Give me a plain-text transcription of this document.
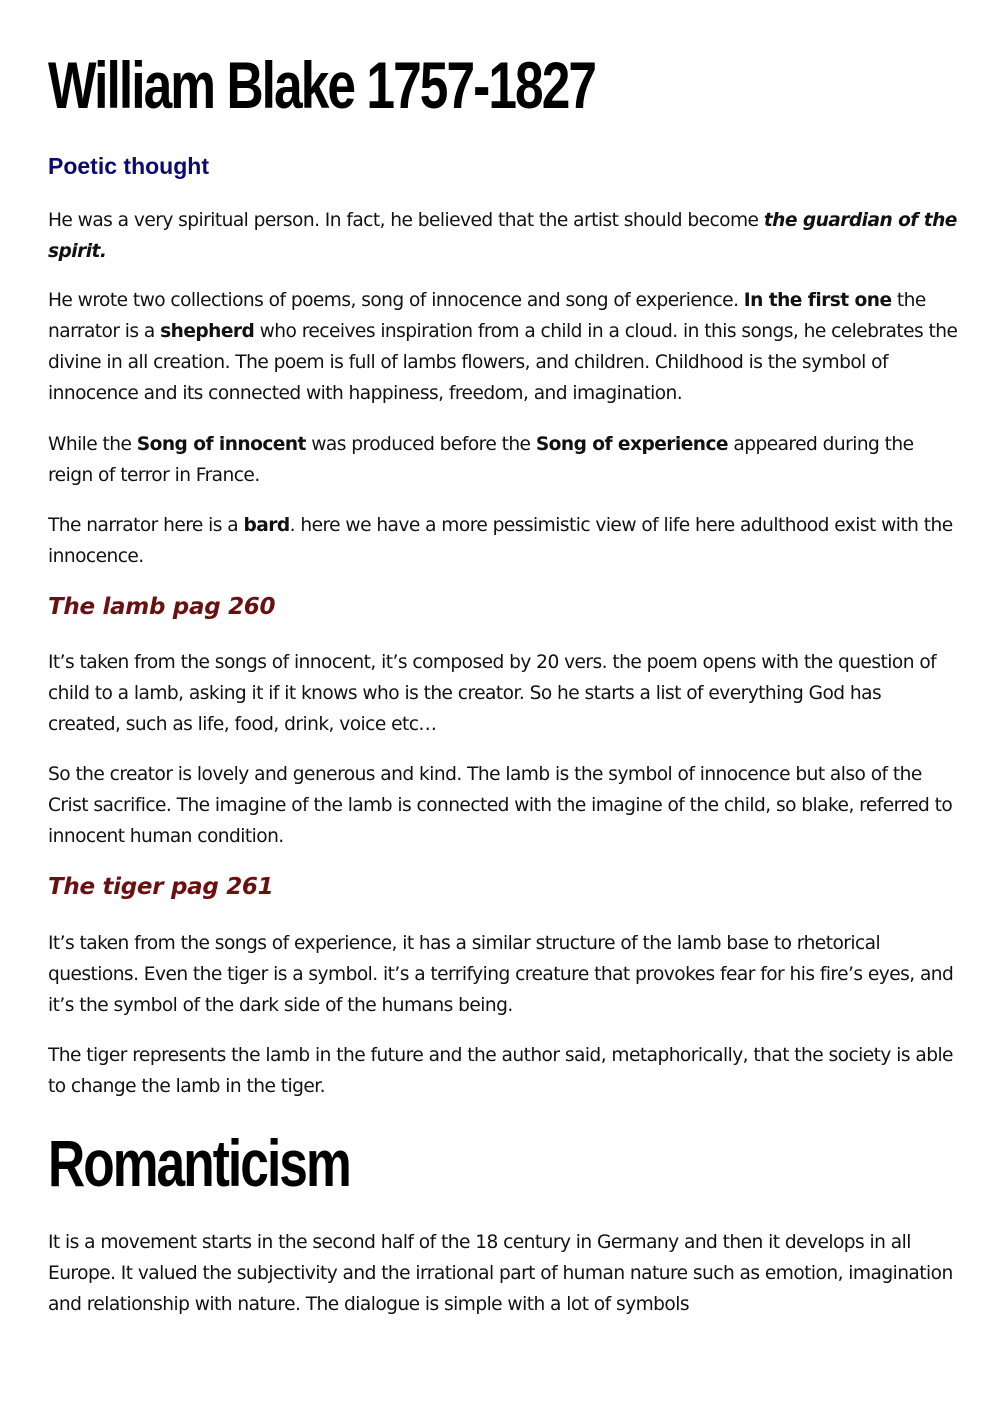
William Blake 1757-1827
Poetic thought

He was a very spiritual person. In fact, he believed that the artist should become the guardian of the spirit.

He wrote two collections of poems, song of innocence and song of experience. In the first one the narrator is a shepherd who receives inspiration from a child in a cloud. in this songs, he celebrates the divine in all creation. The poem is full of lambs flowers, and children. Childhood is the symbol of innocence and its connected with happiness, freedom, and imagination.

While the Song of innocent was produced before the Song of experience appeared during the reign of terror in France.

The narrator here is a bard. here we have a more pessimistic view of life here adulthood exist with the innocence.

The lamb pag 260

It’s taken from the songs of innocent, it’s composed by 20 vers. the poem opens with the question of child to a lamb, asking it if it knows who is the creator. So he starts a list of everything God has created, such as life, food, drink, voice etc…

So the creator is lovely and generous and kind. The lamb is the symbol of innocence but also of the Crist sacrifice. The imagine of the lamb is connected with the imagine of the child, so blake, referred to innocent human condition.

The tiger pag 261

It’s taken from the songs of experience, it has a similar structure of the lamb base to rhetorical questions. Even the tiger is a symbol. it’s a terrifying creature that provokes fear for his fire’s eyes, and it’s the symbol of the dark side of the humans being.

The tiger represents the lamb in the future and the author said, metaphorically, that the society is able to change the lamb in the tiger.

Romanticism

It is a movement starts in the second half of the 18 century in Germany and then it develops in all Europe. It valued the subjectivity and the irrational part of human nature such as emotion, imagination and relationship with nature. The dialogue is simple with a lot of symbols
